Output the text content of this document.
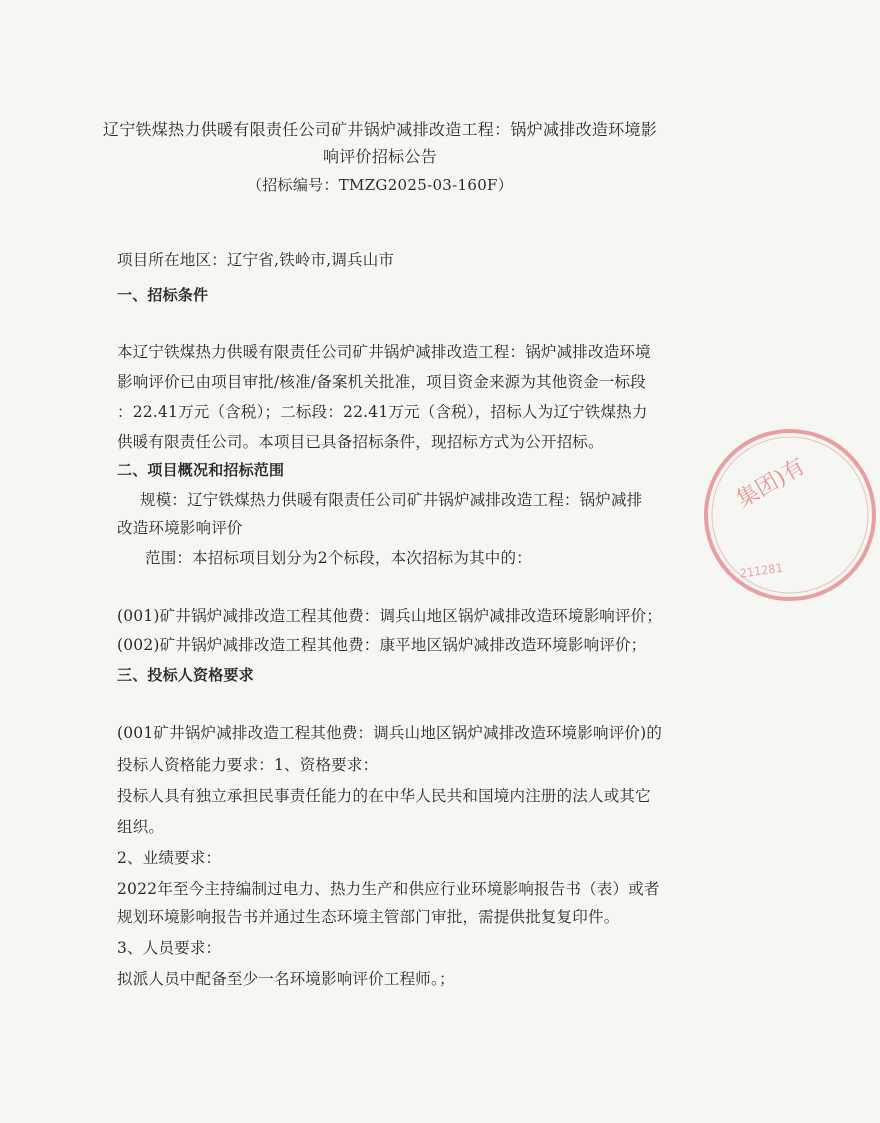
辽宁铁煤热力供暖有限责任公司矿井锅炉减排改造工程：锅炉减排改造环境影
响评价招标公告
（招标编号：TMZG2025-03-160F）
项目所在地区：辽宁省,铁岭市,调兵山市
一、招标条件
本辽宁铁煤热力供暖有限责任公司矿井锅炉减排改造工程：锅炉减排改造环境
影响评价已由项目审批/核准/备案机关批准，项目资金来源为其他资金一标段
：22.41万元（含税）；二标段：22.41万元（含税），招标人为辽宁铁煤热力
供暖有限责任公司。本项目已具备招标条件，现招标方式为公开招标。
二、项目概况和招标范围
规模：辽宁铁煤热力供暖有限责任公司矿井锅炉减排改造工程：锅炉减排
改造环境影响评价
范围：本招标项目划分为2个标段，本次招标为其中的：
(001)矿井锅炉减排改造工程其他费：调兵山地区锅炉减排改造环境影响评价；
(002)矿井锅炉减排改造工程其他费：康平地区锅炉减排改造环境影响评价；
三、投标人资格要求
(001矿井锅炉减排改造工程其他费：调兵山地区锅炉减排改造环境影响评价)的
投标人资格能力要求：1、资格要求：
投标人具有独立承担民事责任能力的在中华人民共和国境内注册的法人或其它
组织。
2、业绩要求：
2022年至今主持编制过电力、热力生产和供应行业环境影响报告书（表）或者
规划环境影响报告书并通过生态环境主管部门审批，需提供批复复印件。
3、人员要求：
拟派人员中配备至少一名环境影响评价工程师。；
集团)有
211281
